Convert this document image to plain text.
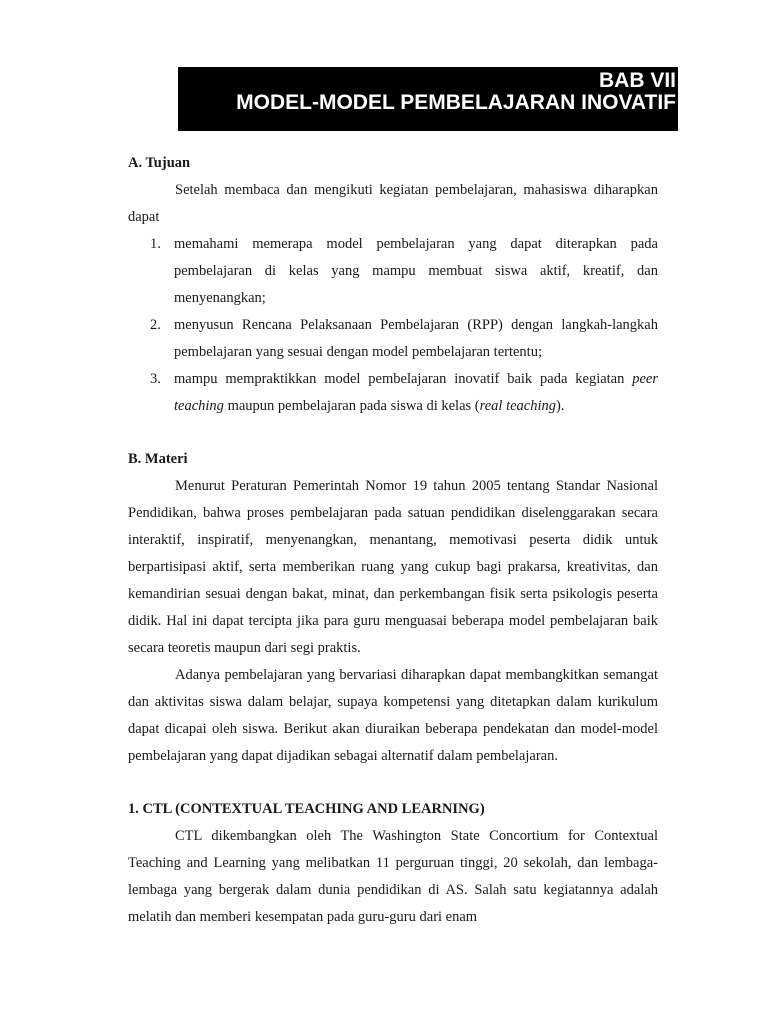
BAB VII
MODEL-MODEL PEMBELAJARAN INOVATIF

A. Tujuan

Setelah membaca dan mengikuti kegiatan pembelajaran, mahasiswa diharapkan dapat

1. memahami memerapa model pembelajaran yang dapat diterapkan pada pembelajaran di kelas yang mampu membuat siswa aktif, kreatif, dan menyenangkan;
2. menyusun Rencana Pelaksanaan Pembelajaran (RPP) dengan langkah-langkah pembelajaran yang sesuai dengan model pembelajaran tertentu;
3. mampu mempraktikkan model pembelajaran inovatif baik pada kegiatan peer teaching maupun pembelajaran pada siswa di kelas (real teaching).

B. Materi

Menurut Peraturan Pemerintah Nomor 19 tahun 2005 tentang Standar Nasional Pendidikan, bahwa proses pembelajaran pada satuan pendidikan diselenggarakan secara interaktif, inspiratif, menyenangkan, menantang, memotivasi peserta didik untuk berpartisipasi aktif, serta memberikan ruang yang cukup bagi prakarsa, kreativitas, dan kemandirian sesuai dengan bakat, minat, dan perkembangan fisik serta psikologis peserta didik. Hal ini dapat tercipta jika para guru menguasai beberapa model pembelajaran baik secara teoretis maupun dari segi praktis.

Adanya pembelajaran yang bervariasi diharapkan dapat membangkitkan semangat dan aktivitas siswa dalam belajar, supaya kompetensi yang ditetapkan dalam kurikulum dapat dicapai oleh siswa. Berikut akan diuraikan beberapa pendekatan dan model-model pembelajaran yang dapat dijadikan sebagai alternatif dalam pembelajaran.

1. CTL (CONTEXTUAL TEACHING AND LEARNING)

CTL dikembangkan oleh The Washington State Concortium for Contextual Teaching and Learning yang melibatkan 11 perguruan tinggi, 20 sekolah, dan lembaga-lembaga yang bergerak dalam dunia pendidikan di AS. Salah satu kegiatannya adalah melatih dan memberi kesempatan pada guru-guru dari enam
